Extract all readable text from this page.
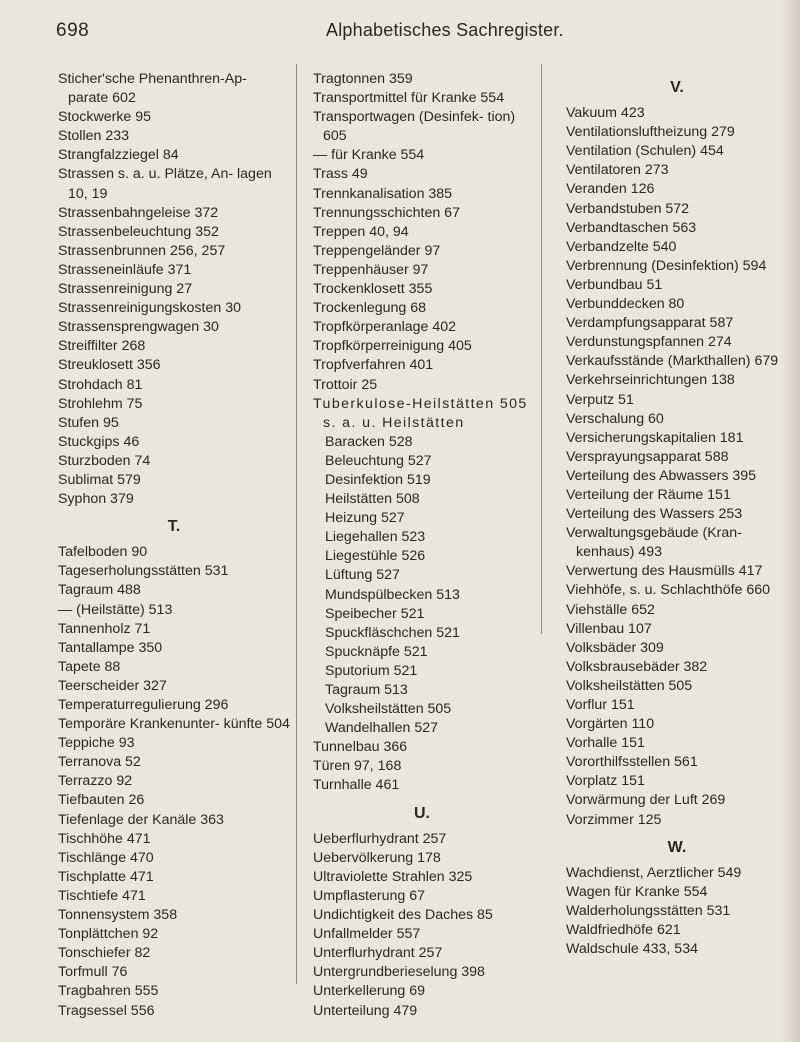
698	Alphabetisches Sachregister.

Sticher'sche Phenanthren-Ap- parate 602

Stockwerke 95

Stollen 233

Strangfalzziegel 84

Strassen s. a. u. Plätze, An- lagen 10, 19

Strassenbahngeleise 372

Strassenbeleuchtung 352

Strassenbrunnen 256, 257

Strasseneinläufe 371

Strassenreinigung 27

Strassenreinigungskosten 30

Strassensprengwagen 30

Streiffilter 268

Streuklosett 356

Strohdach 81

Strohlehm 75

Stufen 95

Stuckgips 46

Sturzboden 74

Sublimat 579

Syphon 379

T.

Tafelboden 90

Tageserholungsstätten 531

Tagraum 488

— (Heilstätte) 513

Tannenholz 71

Tantallampe 350

Tapete 88

Teerscheider 327

Temperaturregulierung 296

Temporäre Krankenunter- künfte 504

Teppiche 93

Terranova 52

Terrazzo 92

Tiefbauten 26

Tiefenlage der Kanäle 363

Tischhöhe 471

Tischlänge 470

Tischplatte 471

Tischtiefe 471

Tonnensystem 358

Tonplättchen 92

Tonschiefer 82

Torfmull 76

Tragbahren 555

Tragsessel 556

Tragtonnen 359

Transportmittel für Kranke 554

Transportwagen (Desinfek- tion) 605

— für Kranke 554

Trass 49

Trennkanalisation 385

Trennungsschichten 67

Treppen 40, 94

Treppengeländer 97

Treppenhäuser 97

Trockenklosett 355

Trockenlegung 68

Tropfkörperanlage 402

Tropfkörperreinigung 405

Tropfverfahren 401

Trottoir 25

Tuberkulose-Heilstätten 505 s. a. u. Heilstätten

Baracken 528

Beleuchtung 527

Desinfektion 519

Heilstätten 508

Heizung 527

Liegehallen 523

Liegestühle 526

Lüftung 527

Mundspülbecken 513

Speibecher 521

Spuckfläschchen 521

Spucknäpfe 521

Sputorium 521

Tagraum 513

Volksheilstätten 505

Wandelhallen 527

Tunnelbau 366

Türen 97, 168

Turnhalle 461

U.

Ueberflurhydrant 257

Uebervölkerung 178

Ultraviolette Strahlen 325

Umpflasterung 67

Undichtigkeit des Daches 85

Unfallmelder 557

Unterflurhydrant 257

Untergrundberieselung 398

Unterkellerung 69

Unterteilung 479

V.

Vakuum 423

Ventilationsluftheizung 279

Ventilation (Schulen) 454

Ventilatoren 273

Veranden 126

Verbandstuben 572

Verbandtaschen 563

Verbandzelte 540

Verbrennung (Desinfektion) 594

Verbundbau 51

Verbunddecken 80

Verdampfungsapparat 587

Verdunstungspfannen 274

Verkaufsstände (Markthallen) 679

Verkehrseinrichtungen 138

Verputz 51

Verschalung 60

Versicherungskapitalien 181

Versprayungsapparat 588

Verteilung des Abwassers 395

Verteilung der Räume 151

Verteilung des Wassers 253

Verwaltungsgebäude (Kran- kenhaus) 493

Verwertung des Hausmülls 417

Viehhöfe, s. u. Schlachthöfe 660

Viehställe 652

Villenbau 107

Volksbäder 309

Volksbrausebäder 382

Volksheilstätten 505

Vorflur 151

Vorgärten 110

Vorhalle 151

Vororthilfsstellen 561

Vorplatz 151

Vorwärmung der Luft 269

Vorzimmer 125

W.

Wachdienst, Aerztlicher 549

Wagen für Kranke 554

Walderholungsstätten 531

Waldfriedhöfe 621

Waldschule 433, 534
